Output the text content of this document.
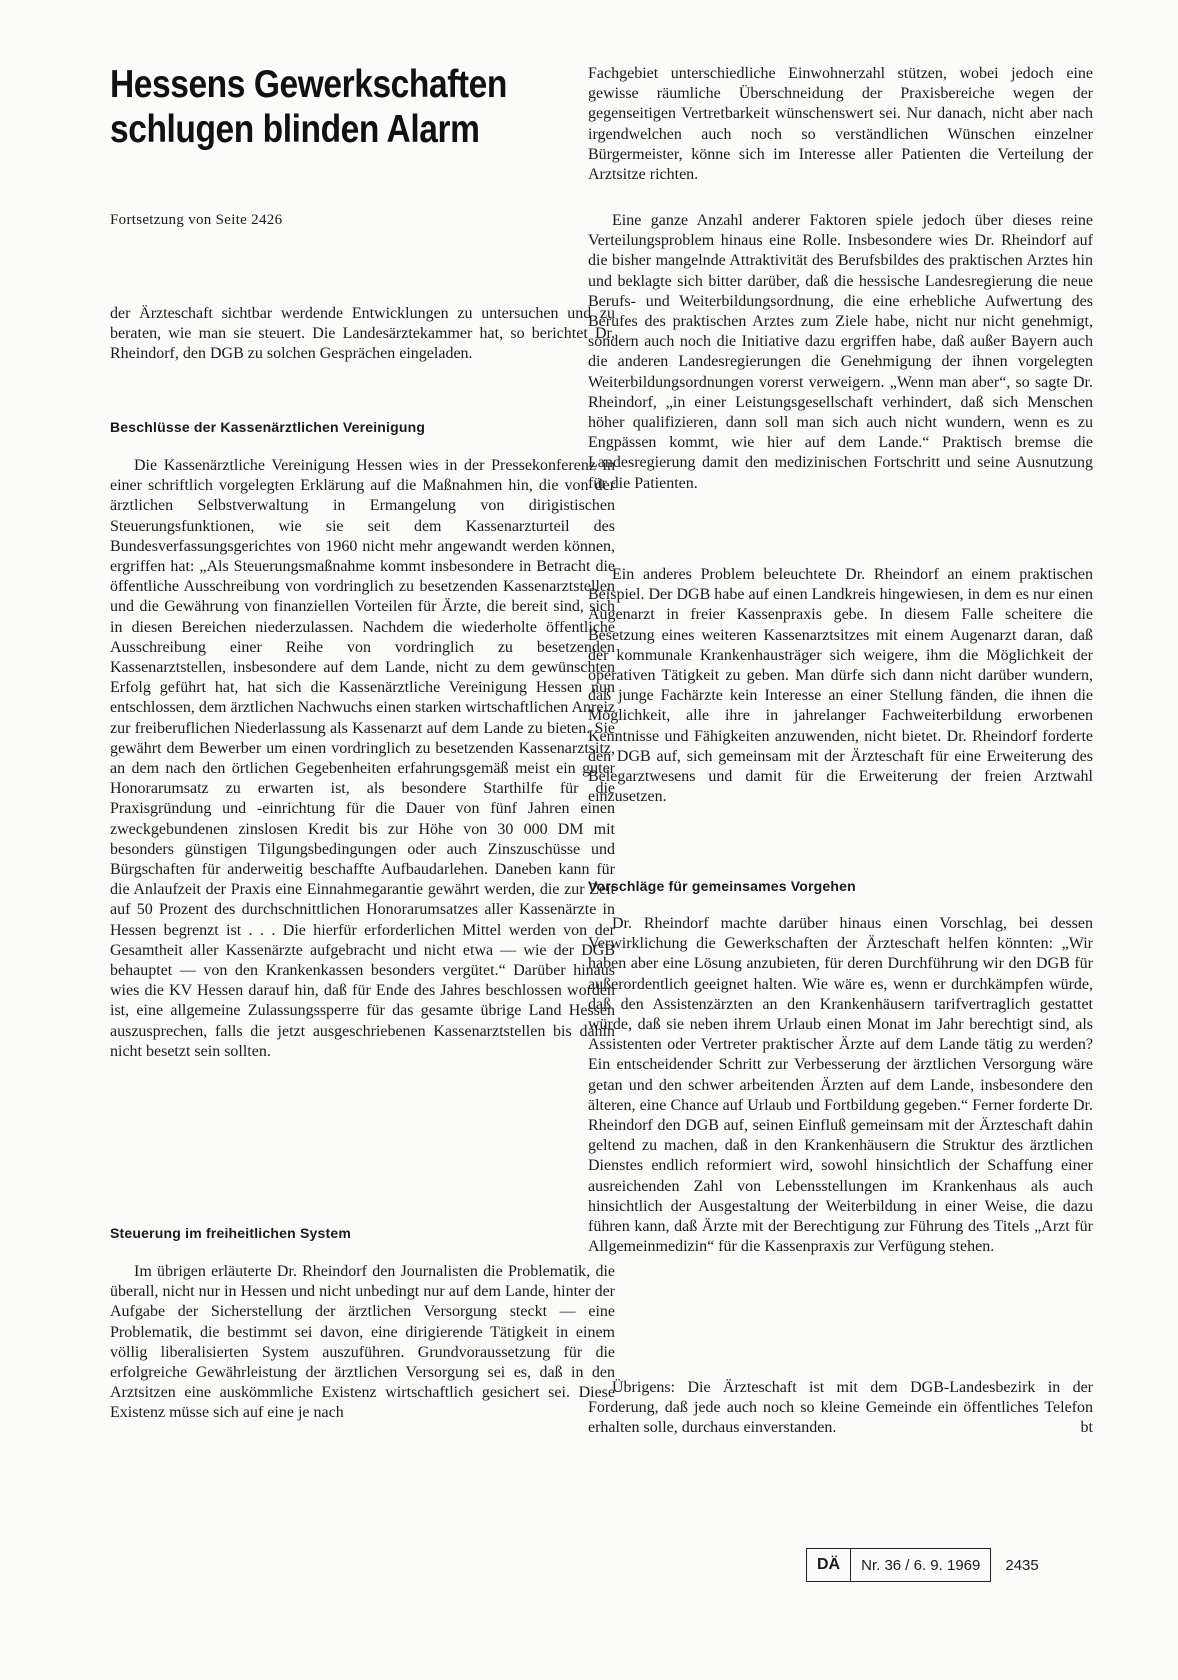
Hessens Gewerkschaften
schlugen blinden Alarm

Fortsetzung von Seite 2426

der Ärzteschaft sichtbar werdende Entwicklungen zu untersuchen und zu beraten, wie man sie steuert. Die Landesärztekammer hat, so berichtet Dr. Rheindorf, den DGB zu solchen Gesprächen eingeladen.

Beschlüsse der Kassenärztlichen Vereinigung

Die Kassenärztliche Vereinigung Hessen wies in der Pressekonferenz in einer schriftlich vorgelegten Erklärung auf die Maßnahmen hin, die von der ärztlichen Selbstverwaltung in Ermangelung von dirigistischen Steuerungsfunktionen, wie sie seit dem Kassenarzturteil des Bundesverfassungsgerichtes von 1960 nicht mehr angewandt werden können, ergriffen hat: „Als Steuerungsmaßnahme kommt insbesondere in Betracht die öffentliche Ausschreibung von vordringlich zu besetzenden Kassenarztstellen und die Gewährung von finanziellen Vorteilen für Ärzte, die bereit sind, sich in diesen Bereichen niederzulassen. Nachdem die wiederholte öffentliche Ausschreibung einer Reihe von vordringlich zu besetzenden Kassenarztstellen, insbesondere auf dem Lande, nicht zu dem gewünschten Erfolg geführt hat, hat sich die Kassenärztliche Vereinigung Hessen nun entschlossen, dem ärztlichen Nachwuchs einen starken wirtschaftlichen Anreiz zur freiberuflichen Niederlassung als Kassenarzt auf dem Lande zu bieten. Sie gewährt dem Bewerber um einen vordringlich zu besetzenden Kassenarztsitz, an dem nach den örtlichen Gegebenheiten erfahrungsgemäß meist ein guter Honorarumsatz zu erwarten ist, als besondere Starthilfe für die Praxisgründung und -einrichtung für die Dauer von fünf Jahren einen zweckgebundenen zinslosen Kredit bis zur Höhe von 30 000 DM mit besonders günstigen Tilgungsbedingungen oder auch Zinszuschüsse und Bürgschaften für anderweitig beschaffte Aufbaudarlehen. Daneben kann für die Anlaufzeit der Praxis eine Einnahmegarantie gewährt werden, die zur Zeit auf 50 Prozent des durchschnittlichen Honorarumsatzes aller Kassenärzte in Hessen begrenzt ist . . . Die hierfür erforderlichen Mittel werden von der Gesamtheit aller Kassenärzte aufgebracht und nicht etwa — wie der DGB behauptet — von den Krankenkassen besonders vergütet.“ Darüber hinaus wies die KV Hessen darauf hin, daß für Ende des Jahres beschlossen worden ist, eine allgemeine Zulassungssperre für das gesamte übrige Land Hessen auszusprechen, falls die jetzt ausgeschriebenen Kassenarztstellen bis dahin nicht besetzt sein sollten.

Steuerung im freiheitlichen System

Im übrigen erläuterte Dr. Rheindorf den Journalisten die Problematik, die überall, nicht nur in Hessen und nicht unbedingt nur auf dem Lande, hinter der Aufgabe der Sicherstellung der ärztlichen Versorgung steckt — eine Problematik, die bestimmt sei davon, eine dirigierende Tätigkeit in einem völlig liberalisierten System auszuführen. Grundvoraussetzung für die erfolgreiche Gewährleistung der ärztlichen Versorgung sei es, daß in den Arztsitzen eine auskömmliche Existenz wirtschaftlich gesichert sei. Diese Existenz müsse sich auf eine je nach

Fachgebiet unterschiedliche Einwohnerzahl stützen, wobei jedoch eine gewisse räumliche Überschneidung der Praxisbereiche wegen der gegenseitigen Vertretbarkeit wünschenswert sei. Nur danach, nicht aber nach irgendwelchen auch noch so verständlichen Wünschen einzelner Bürgermeister, könne sich im Interesse aller Patienten die Verteilung der Arztsitze richten.

Eine ganze Anzahl anderer Faktoren spiele jedoch über dieses reine Verteilungsproblem hinaus eine Rolle. Insbesondere wies Dr. Rheindorf auf die bisher mangelnde Attraktivität des Berufsbildes des praktischen Arztes hin und beklagte sich bitter darüber, daß die hessische Landesregierung die neue Berufs- und Weiterbildungsordnung, die eine erhebliche Aufwertung des Berufes des praktischen Arztes zum Ziele habe, nicht nur nicht genehmigt, sondern auch noch die Initiative dazu ergriffen habe, daß außer Bayern auch die anderen Landesregierungen die Genehmigung der ihnen vorgelegten Weiterbildungsordnungen vorerst verweigern. „Wenn man aber“, so sagte Dr. Rheindorf, „in einer Leistungsgesellschaft verhindert, daß sich Menschen höher qualifizieren, dann soll man sich auch nicht wundern, wenn es zu Engpässen kommt, wie hier auf dem Lande.“ Praktisch bremse die Landesregierung damit den medizinischen Fortschritt und seine Ausnutzung für die Patienten.

Ein anderes Problem beleuchtete Dr. Rheindorf an einem praktischen Beispiel. Der DGB habe auf einen Landkreis hingewiesen, in dem es nur einen Augenarzt in freier Kassenpraxis gebe. In diesem Falle scheitere die Besetzung eines weiteren Kassenarztsitzes mit einem Augenarzt daran, daß der kommunale Krankenhausträger sich weigere, ihm die Möglichkeit der operativen Tätigkeit zu geben. Man dürfe sich dann nicht darüber wundern, daß junge Fachärzte kein Interesse an einer Stellung fänden, die ihnen die Möglichkeit, alle ihre in jahrelanger Fachweiterbildung erworbenen Kenntnisse und Fähigkeiten anzuwenden, nicht bietet. Dr. Rheindorf forderte den DGB auf, sich gemeinsam mit der Ärzteschaft für eine Erweiterung des Belegarztwesens und damit für die Erweiterung der freien Arztwahl einzusetzen.

Vorschläge für gemeinsames Vorgehen

Dr. Rheindorf machte darüber hinaus einen Vorschlag, bei dessen Verwirklichung die Gewerkschaften der Ärzteschaft helfen könnten: „Wir haben aber eine Lösung anzubieten, für deren Durchführung wir den DGB für außerordentlich geeignet halten. Wie wäre es, wenn er durchkämpfen würde, daß den Assistenzärzten an den Krankenhäusern tarifvertraglich gestattet würde, daß sie neben ihrem Urlaub einen Monat im Jahr berechtigt sind, als Assistenten oder Vertreter praktischer Ärzte auf dem Lande tätig zu werden? Ein entscheidender Schritt zur Verbesserung der ärztlichen Versorgung wäre getan und den schwer arbeitenden Ärzten auf dem Lande, insbesondere den älteren, eine Chance auf Urlaub und Fortbildung gegeben.“ Ferner forderte Dr. Rheindorf den DGB auf, seinen Einfluß gemeinsam mit der Ärzteschaft dahin geltend zu machen, daß in den Krankenhäusern die Struktur des ärztlichen Dienstes endlich reformiert wird, sowohl hinsichtlich der Schaffung einer ausreichenden Zahl von Lebensstellungen im Krankenhaus als auch hinsichtlich der Ausgestaltung der Weiterbildung in einer Weise, die dazu führen kann, daß Ärzte mit der Berechtigung zur Führung des Titels „Arzt für Allgemeinmedizin“ für die Kassenpraxis zur Verfügung stehen.

Übrigens: Die Ärzteschaft ist mit dem DGB-Landesbezirk in der Forderung, daß jede auch noch so kleine Gemeinde ein öffentliches Telefon erhalten solle, durchaus einverstanden.	bt

DÄ	Nr. 36 / 6. 9. 1969	2435
